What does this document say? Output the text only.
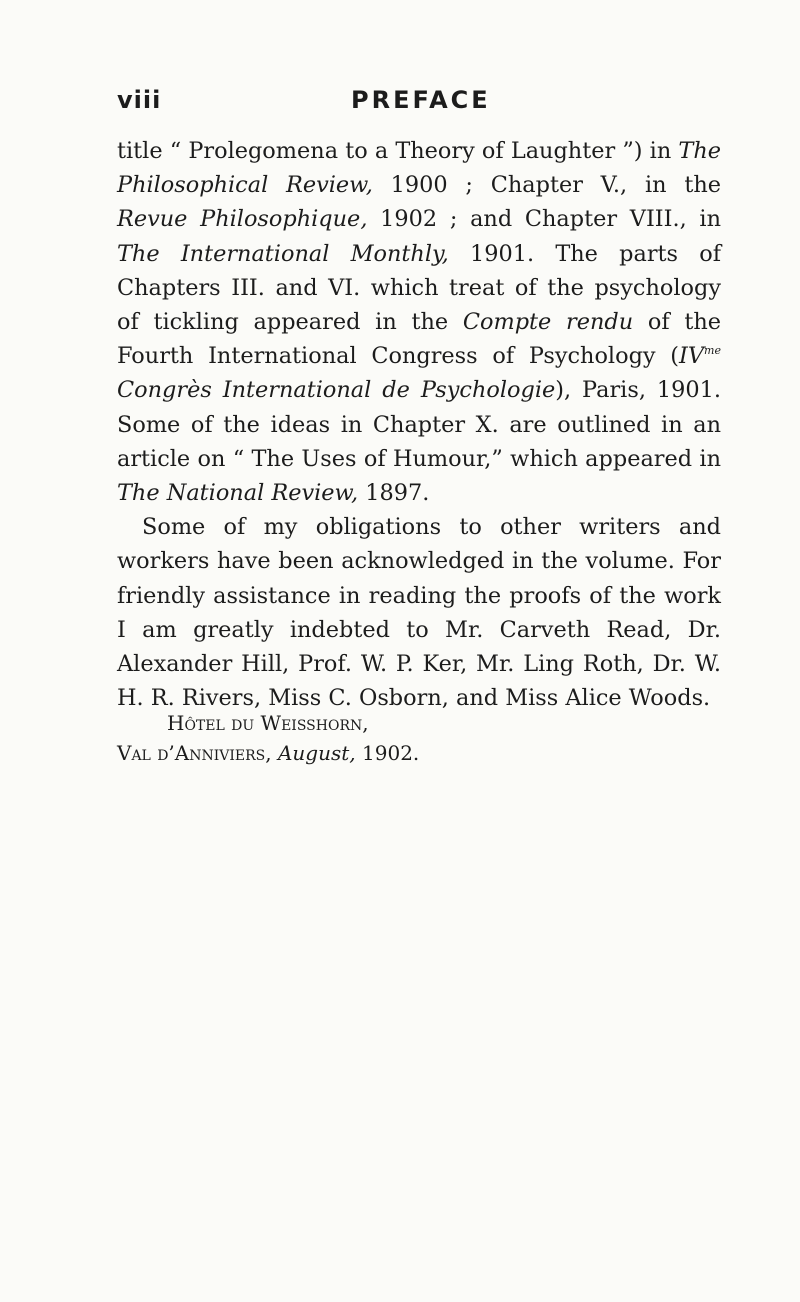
viii	PREFACE

title “ Prolegomena to a Theory of Laughter ”) in The Philosophical Review, 1900 ; Chapter V., in the Revue Philosophique, 1902 ; and Chapter VIII., in The International Monthly, 1901. The parts of Chapters III. and VI. which treat of the psychology of tickling appeared in the Compte rendu of the Fourth International Congress of Psychology ($IV^{me}$ Congrès International de Psychologie), Paris, 1901. Some of the ideas in Chapter X. are outlined in an article on “ The Uses of Humour,” which appeared in The National Review, 1897.

Some of my obligations to other writers and workers have been acknowledged in the volume. For friendly assistance in reading the proofs of the work I am greatly indebted to Mr. Carveth Read, Dr. Alexander Hill, Prof. W. P. Ker, Mr. Ling Roth, Dr. W. H. R. Rivers, Miss C. Osborn, and Miss Alice Woods.

Hôtel du Weisshorn,
Val d’Anniviers, August, 1902.
